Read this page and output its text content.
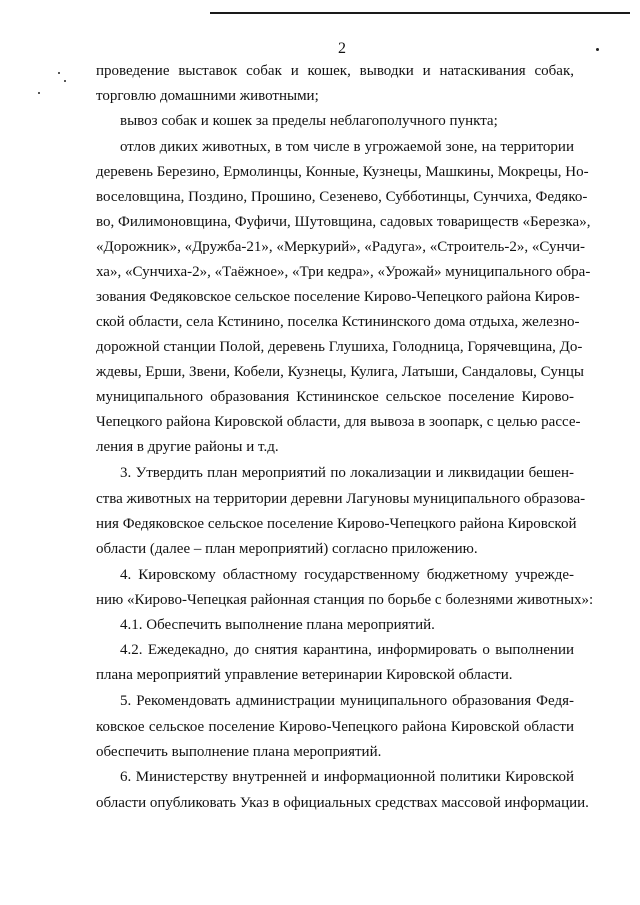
2
проведение выставок собак и кошек, выводки и натаскивания собак,
торговлю домашними животными;
вывоз собак и кошек за пределы неблагополучного пункта;
отлов диких животных, в том числе в угрожаемой зоне, на территории
деревень Березино, Ермолинцы, Конные, Кузнецы, Машкины, Мокрецы, Но-
воселовщина, Поздино, Прошино, Сезенево, Субботинцы, Сунчиха, Федяко-
во, Филимоновщина, Фуфичи, Шутовщина, садовых товариществ «Березка»,
«Дорожник», «Дружба-21», «Меркурий», «Радуга», «Строитель-2», «Сунчи-
ха», «Сунчиха-2», «Таёжное», «Три кедра», «Урожай» муниципального обра-
зования Федяковское сельское поселение Кирово-Чепецкого района Киров-
ской области, села Кстинино, поселка Кстининского дома отдыха, железно-
дорожной станции Полой, деревень Глушиха, Голодница, Горячевщина, До-
ждевы, Ерши, Звени, Кобели, Кузнецы, Кулига, Латыши, Сандаловы, Сунцы
муниципального образования Кстининское сельское поселение Кирово-
Чепецкого района Кировской области, для вывоза в зоопарк, с целью рассе-
ления в другие районы и т.д.
3. Утвердить план мероприятий по локализации и ликвидации бешен-
ства животных на территории деревни Лагуновы муниципального образова-
ния Федяковское сельское поселение Кирово-Чепецкого района Кировской
области (далее – план мероприятий) согласно приложению.
4. Кировскому областному государственному бюджетному учрежде-
нию «Кирово-Чепецкая районная станция по борьбе с болезнями животных»:
4.1. Обеспечить выполнение плана мероприятий.
4.2. Ежедекадно, до снятия карантина, информировать о выполнении
плана мероприятий управление ветеринарии Кировской области.
5. Рекомендовать администрации муниципального образования Федя-
ковское сельское поселение Кирово-Чепецкого района Кировской области
обеспечить выполнение плана мероприятий.
6. Министерству внутренней и информационной политики Кировской
области опубликовать Указ в официальных средствах массовой информации.
